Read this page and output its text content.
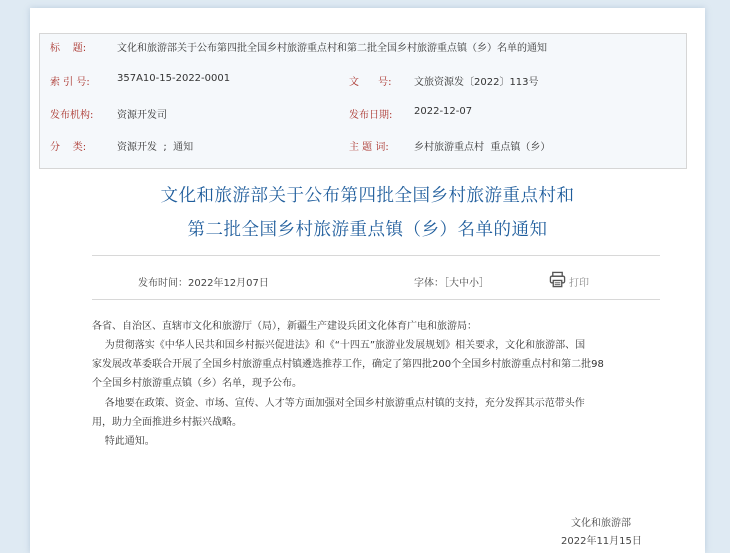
标    题:	文化和旅游部关于公布第四批全国乡村旅游重点村和第二批全国乡村旅游重点镇（乡）名单的通知
索 引 号:	357A10-15-2022-0001	文      号: 文旅资源发〔2022〕113号
发布机构: 资源开发司	发布日期: 2022-12-07
分    类:	资源开发  ;  通知	主 题 词:	乡村旅游重点村  重点镇（乡）
文化和旅游部关于公布第四批全国乡村旅游重点村和
第二批全国乡村旅游重点镇（乡）名单的通知
发布时间：2022年12月07日	字体：［大中小］	打印
各省、自治区、直辖市文化和旅游厅（局），新疆生产建设兵团文化体育广电和旅游局：
为贯彻落实《中华人民共和国乡村振兴促进法》和《“十四五”旅游业发展规划》相关要求，文化和旅游部、国
家发展改革委联合开展了全国乡村旅游重点村镇遴选推荐工作，确定了第四批200个全国乡村旅游重点村和第二批98
个全国乡村旅游重点镇（乡）名单，现予公布。
各地要在政策、资金、市场、宣传、人才等方面加强对全国乡村旅游重点村镇的支持，充分发挥其示范带头作
用，助力全面推进乡村振兴战略。
特此通知。
文化和旅游部
2022年11月15日
